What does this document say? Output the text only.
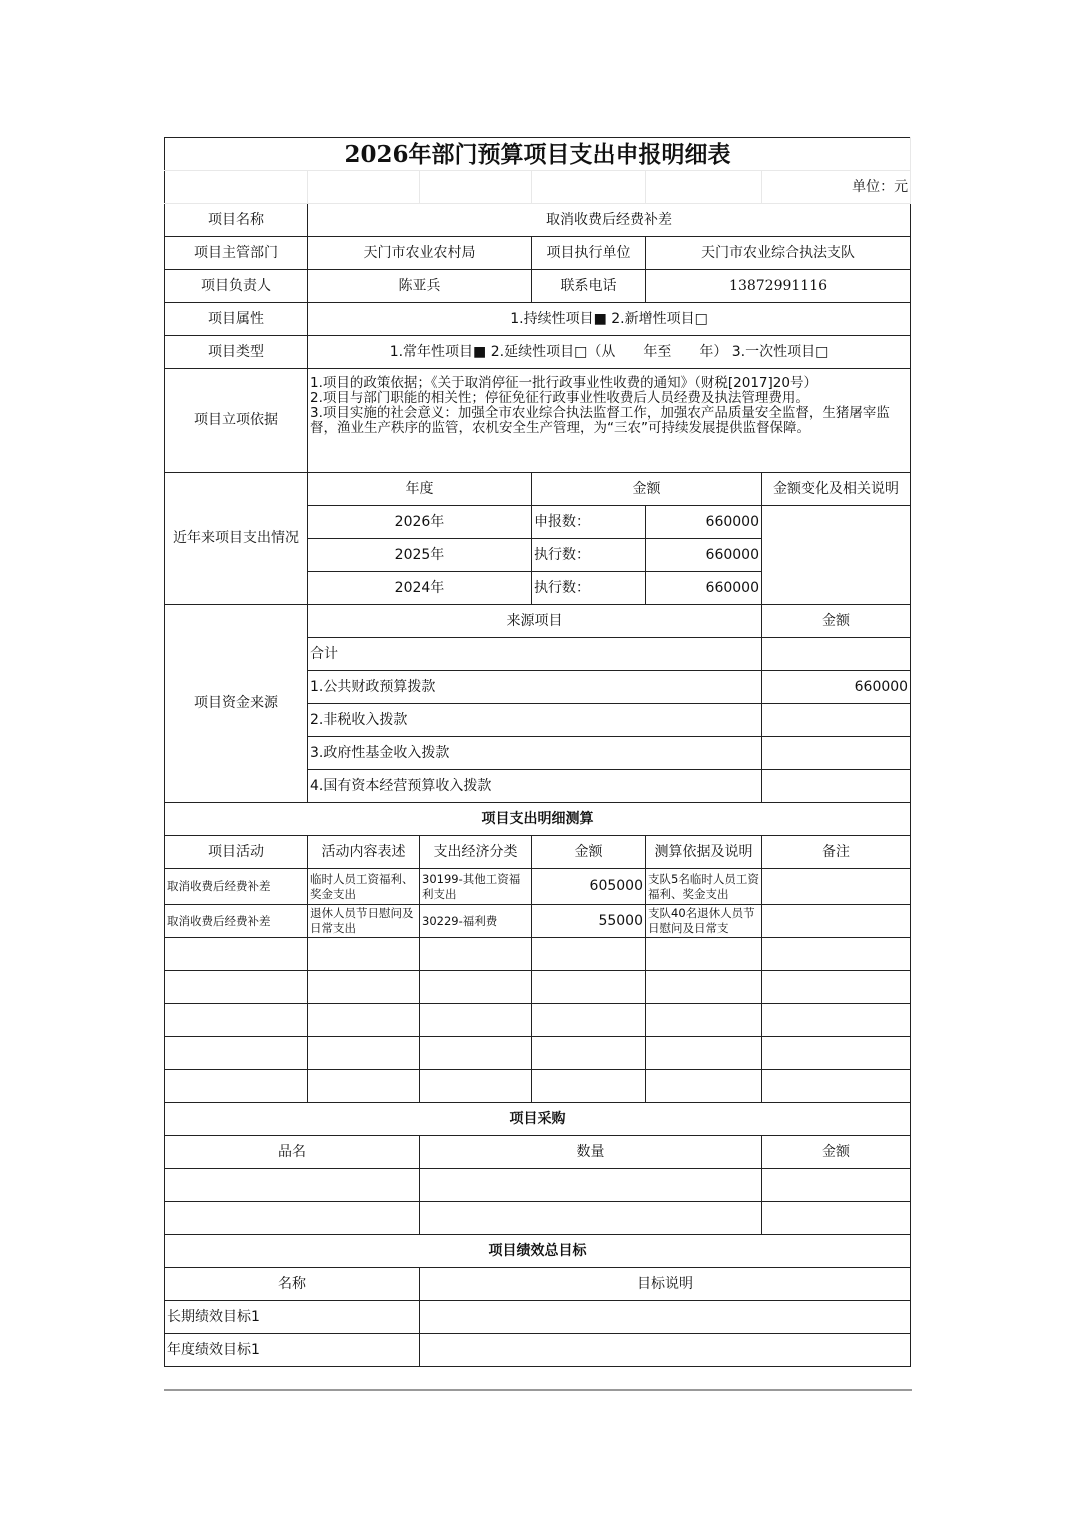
2026年部门预算项目支出申报明细表					
					单位：元
项目名称	取消收费后经费补差				
项目主管部门	天门市农业农村局		项目执行单位	天门市农业综合执法支队	
项目负责人	陈亚兵		联系电话	13872991116	
项目属性	1.持续性项目■ 2.新增性项目□				
项目类型	1.常年性项目■ 2.延续性项目□（从　　年至　　年） 3.一次性项目□				
项目立项依据	1.项目的政策依据；《关于取消停征一批行政事业性收费的通知》（财税[2017]20号）
2.项目与部门职能的相关性；停征免征行政事业性收费后人员经费及执法管理费用。
3.项目实施的社会意义：加强全市农业综合执法监督工作，加强农产品质量安全监督，生猪屠宰监督，渔业生产秩序的监管，农机安全生产管理，为“三农”可持续发展提供监督保障。				

近年来项目支出情况	年度		金额		金额变化及相关说明
	2026年		申报数：	660000	
	2025年		执行数：	660000	
	2024年		执行数：	660000	
项目资金来源	来源项目				金额
	合计				
	1.公共财政预算拨款				660000
	2.非税收入拨款				
	3.政府性基金收入拨款				
	4.国有资本经营预算收入拨款				
项目支出明细测算					
项目活动	活动内容表述	支出经济分类	金额	测算依据及说明	备注
取消收费后经费补差	临时人员工资福利、奖金支出	30199-其他工资福利支出	605000	支队5名临时人员工资福利、奖金支出	
取消收费后经费补差	退休人员节日慰问及日常支出	30229-福利费	55000	支队40名退休人员节日慰问及日常支	

项目采购					
品名		数量			金额

项目绩效总目标					
名称		目标说明			
长期绩效目标1					
年度绩效目标1					
